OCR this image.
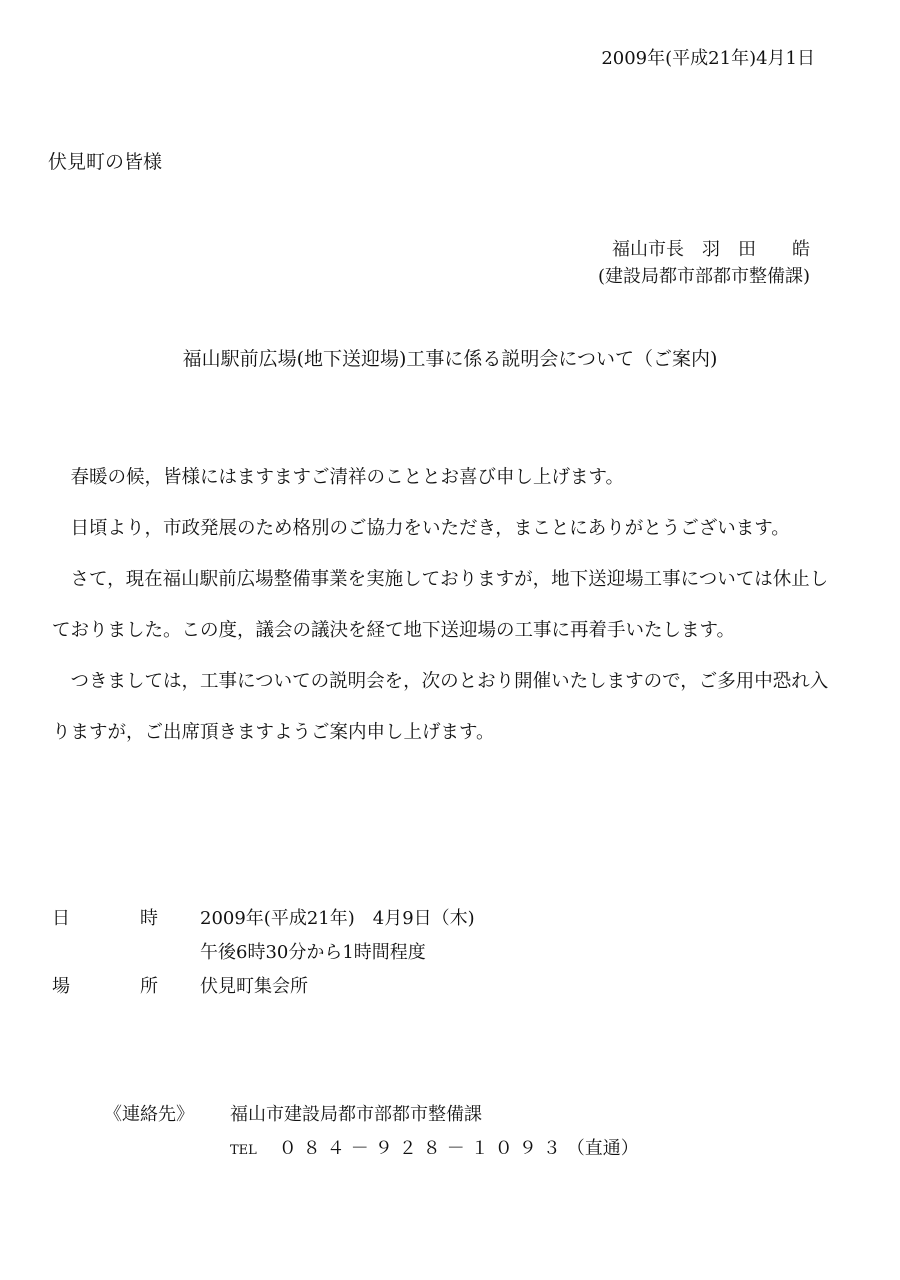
2009年(平成21年)4月1日
伏見町の皆様
福山市長　羽　田　　皓
(建設局都市部都市整備課)
福山駅前広場(地下送迎場)工事に係る説明会について（ご案内)

春暖の候，皆様にはますますご清祥のこととお喜び申し上げます。

日頃より，市政発展のため格別のご協力をいただき，まことにありがとうございます。

さて，現在福山駅前広場整備事業を実施しておりますが，地下送迎場工事については休止しておりました。この度，議会の議決を経て地下送迎場の工事に再着手いたします。

つきましては，工事についての説明会を，次のとおり開催いたしますので，ご多用中恐れ入りますが，ご出席頂きますようご案内申し上げます。

日	時	2009年(平成21年)　4月9日（木)
午後6時30分から1時間程度
場	所	伏見町集会所
《連絡先》 福山市建設局都市部都市整備課
TEL ０８４－９２８－１０９３（直通）
